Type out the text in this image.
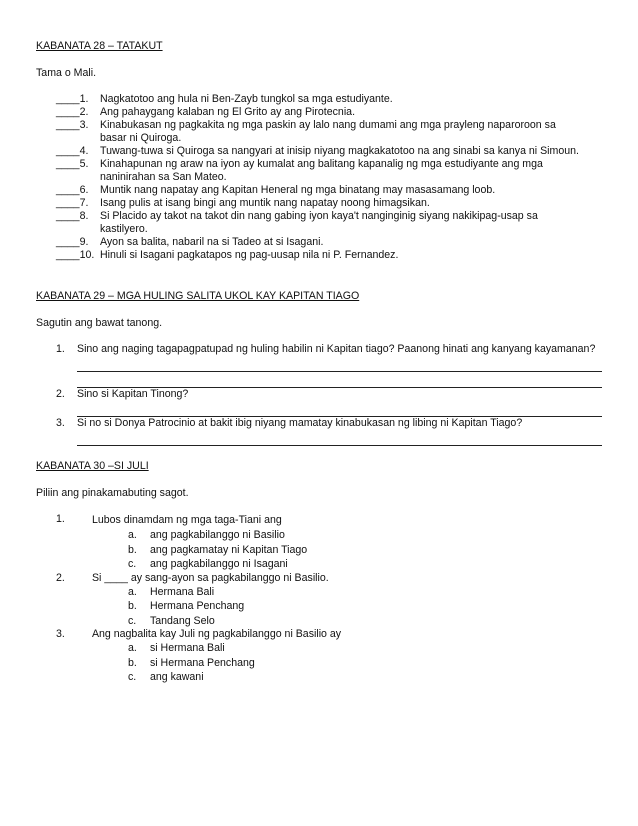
KABANATA 28 – TATAKUT

Tama o Mali.

____1.	Nagkatotoo ang hula ni Ben-Zayb tungkol sa mga estudiyante.
____2.	Ang pahaygang kalaban ng El Grito ay ang Pirotecnia.
____3.	Kinabukasan ng pagkakita ng mga paskin ay lalo nang dumami ang mga prayleng naparoroon sa basar ni Quiroga.
____4.	Tuwang-tuwa si Quiroga sa nangyari at inisip niyang magkakatotoo na ang sinabi sa kanya ni Simoun.
____5.	Kinahapunan ng araw na iyon ay kumalat ang balitang kapanalig ng mga estudiyante ang mga naninirahan sa San Mateo.
____6.	Muntik nang napatay ang Kapitan Heneral ng mga binatang may masasamang loob.
____7.	Isang pulis at isang bingi ang muntik nang napatay noong himagsikan.
____8.	Si Placido ay takot na takot din nang gabing iyon kaya't nanginginig siyang nakikipag-usap sa kastilyero.
____9.	Ayon sa balita, nabaril na si Tadeo at si Isagani.
____10. Hinuli si Isagani pagkatapos ng pag-uusap nila ni P. Fernandez.

KABANATA 29 – MGA HULING SALITA UKOL KAY KAPITAN TIAGO

Sagutin ang bawat tanong.

1.	Sino ang naging tagapagpatupad ng huling habilin ni Kapitan tiago? Paanong hinati ang kanyang kayamanan?
2.	Sino si Kapitan Tinong?
3.	Si no si Donya Patrocinio at bakit ibig niyang mamatay kinabukasan ng libing ni Kapitan Tiago?

KABANATA 30 –SI JULI

Piliin ang pinakamabuting sagot.

1.	Lubos dinamdam ng mga taga-Tiani ang
a.	ang pagkabilanggo ni Basilio
b.	ang pagkamatay ni Kapitan Tiago
c.	ang pagkabilanggo ni Isagani
2.	Si ____ ay sang-ayon sa pagkabilanggo ni Basilio.
a.	Hermana Bali
b.	Hermana Penchang
c.	Tandang Selo
3.	Ang nagbalita kay Juli ng pagkabilanggo ni Basilio ay
a.	si Hermana Bali
b.	si Hermana Penchang
c.	ang kawani
